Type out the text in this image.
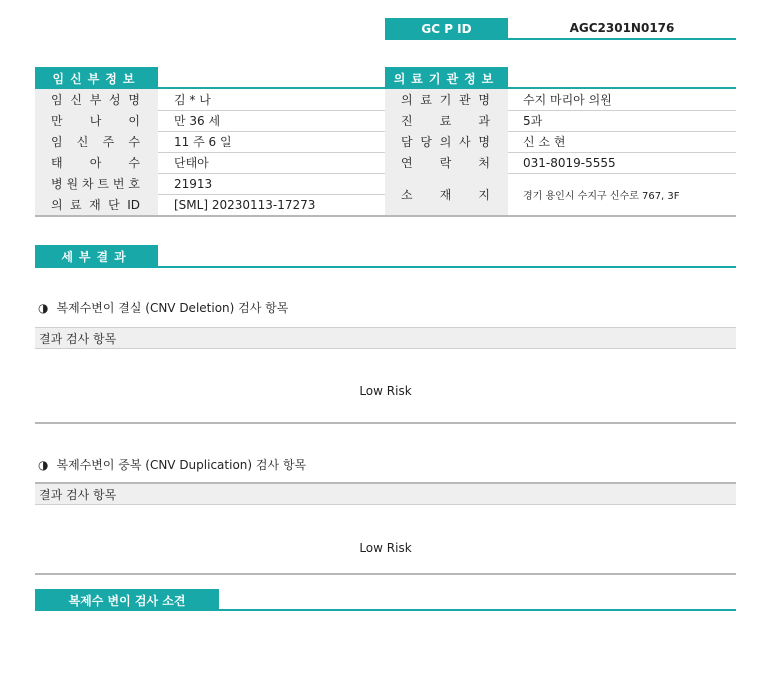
GC P ID	AGC2301N0176
임신부정보	의료기관정보
임 신 부 성 명	김 * 나
만 나 이	만 36 세
임 신 주 수	11 주 6 일
태 아 수	단태아
병 원 차 트 번 호	21913
의 료 재 단 ID	[SML] 20230113-17273
의 료 기 관 명	수지 마리아 의원
진 료 과	5과
담 당 의 사 명	신 소 현
연 락 처	031-8019-5555
소 재 지	경기 용인시 수지구 신수로 767, 3F
세부결과
◑ 복제수변이 결실 (CNV Deletion) 검사 항목
결과 검사 항목
Low Risk
◑ 복제수변이 중복 (CNV Duplication) 검사 항목
결과 검사 항목
Low Risk
복제수 변이 검사 소견
